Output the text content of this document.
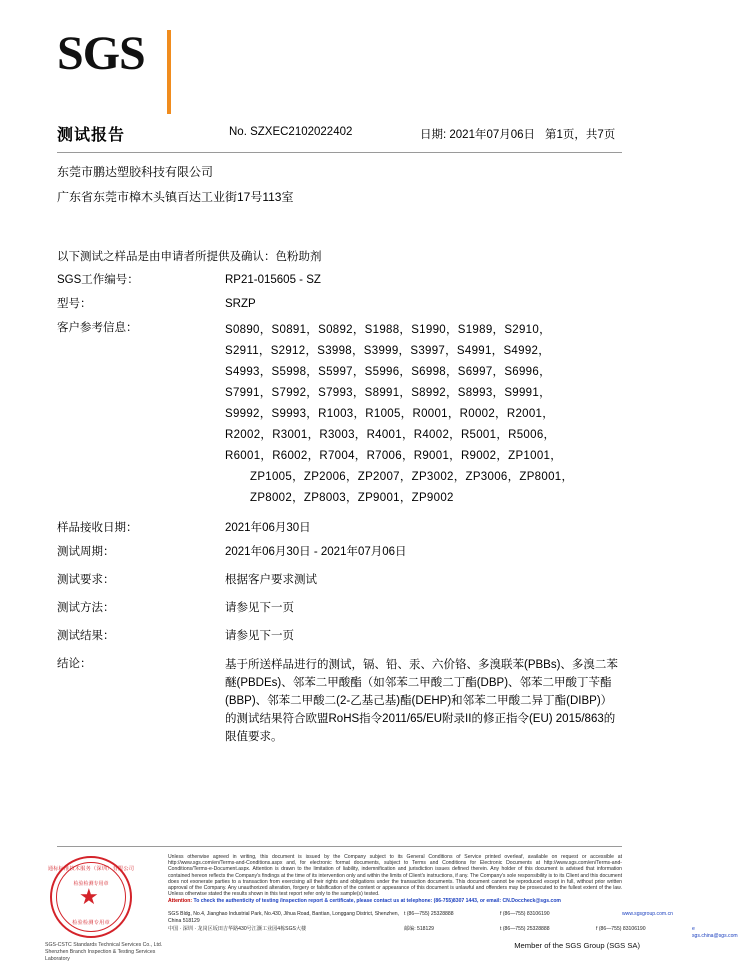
SGS
测试报告	No. SZXEC2102022402	日期: 2021年07月06日 第1页，共7页
东莞市鹏达塑胶科技有限公司
广东省东莞市樟木头镇百达工业街17号113室
以下测试之样品是由申请者所提供及确认：色粉助剂
SGS工作编号：	RP21-015605 - SZ
型号：	SRZP
客户参考信息：	S0890，S0891，S0892，S1988，S1990，S1989，S2910，
S2911，S2912，S3998，S3999，S3997，S4991，S4992，
S4993，S5998，S5997，S5996，S6998，S6997，S6996，
S7991，S7992，S7993，S8991，S8992，S8993，S9991，
S9992，S9993，R1003，R1005，R0001，R0002，R2001，
R2002，R3001，R3003，R4001，R4002，R5001，R5006，
R6001，R6002，R7004，R7006，R9001，R9002，ZP1001，
ZP1005，ZP2006，ZP2007，ZP3002，ZP3006，ZP8001，
ZP8002，ZP8003，ZP9001，ZP9002
样品接收日期：	2021年06月30日
测试周期：	2021年06月30日 - 2021年07月06日
测试要求：	根据客户要求测试
测试方法：	请参见下一页
测试结果：	请参见下一页
结论：	基于所送样品进行的测试，镉、铅、汞、六价铬、多溴联苯(PBBs)、多溴二苯醚(PBDEs)、邻苯二甲酸酯（如邻苯二甲酸二丁酯(DBP)、邻苯二甲酸丁苄酯(BBP)、邻苯二甲酸二(2-乙基己基)酯(DEHP)和邻苯二甲酸二异丁酯(DIBP)）的测试结果符合欧盟RoHS指令2011/65/EU附录II的修正指令(EU) 2015/863的限值要求。
通标标准技术服务（深圳）有限公司
★
检验检测专用章
检验检测专用章
SGS-CSTC Standards Technical Services Co., Ltd.
Shenzhen Branch Inspection & Testing Services Laboratory
Unless otherwise agreed in writing, this document is issued by the Company subject to its General Conditions of Service printed overleaf, available on request or accessible at http://www.sgs.com/en/Terms-and-Conditions.aspx and, for electronic format documents, subject to Terms and Conditions for Electronic Documents at http://www.sgs.com/en/Terms-and-Conditions/Terms-e-Document.aspx. Attention is drawn to the limitation of liability, indemnification and jurisdiction issues defined therein. Any holder of this document is advised that information contained hereon reflects the Company's findings at the time of its intervention only and within the limits of Client's instructions, if any. The Company's sole responsibility is to its Client and this document does not exonerate parties to a transaction from exercising all their rights and obligations under the transaction documents. This document cannot be reproduced except in full, without prior written approval of the Company. Any unauthorized alteration, forgery or falsification of the content or appearance of this document is unlawful and offenders may be prosecuted to the fullest extent of the law. Unless otherwise stated the results shown in this test report refer only to the sample(s) tested.
Attention: To check the authenticity of testing /inspection report & certificate, please contact us at telephone: (86-755)8307 1443, or email: CN.Doccheck@sgs.com
SGS Bldg, No.4, Jianghao Industrial Park, No.430, Jihua Road, Bantian, Longgang District, Shenzhen, China 518129
t (86—755) 25328888	f (86—755) 83106190	www.sgsgroup.com.cn
中国 · 深圳 · 龙岗区坂田吉华路430号江灏工业园4栋SGS大楼	邮编: 518129	t (86—755) 25328888	f (86—755) 83106190	e sgs.china@sgs.com
Member of the SGS Group (SGS SA)
